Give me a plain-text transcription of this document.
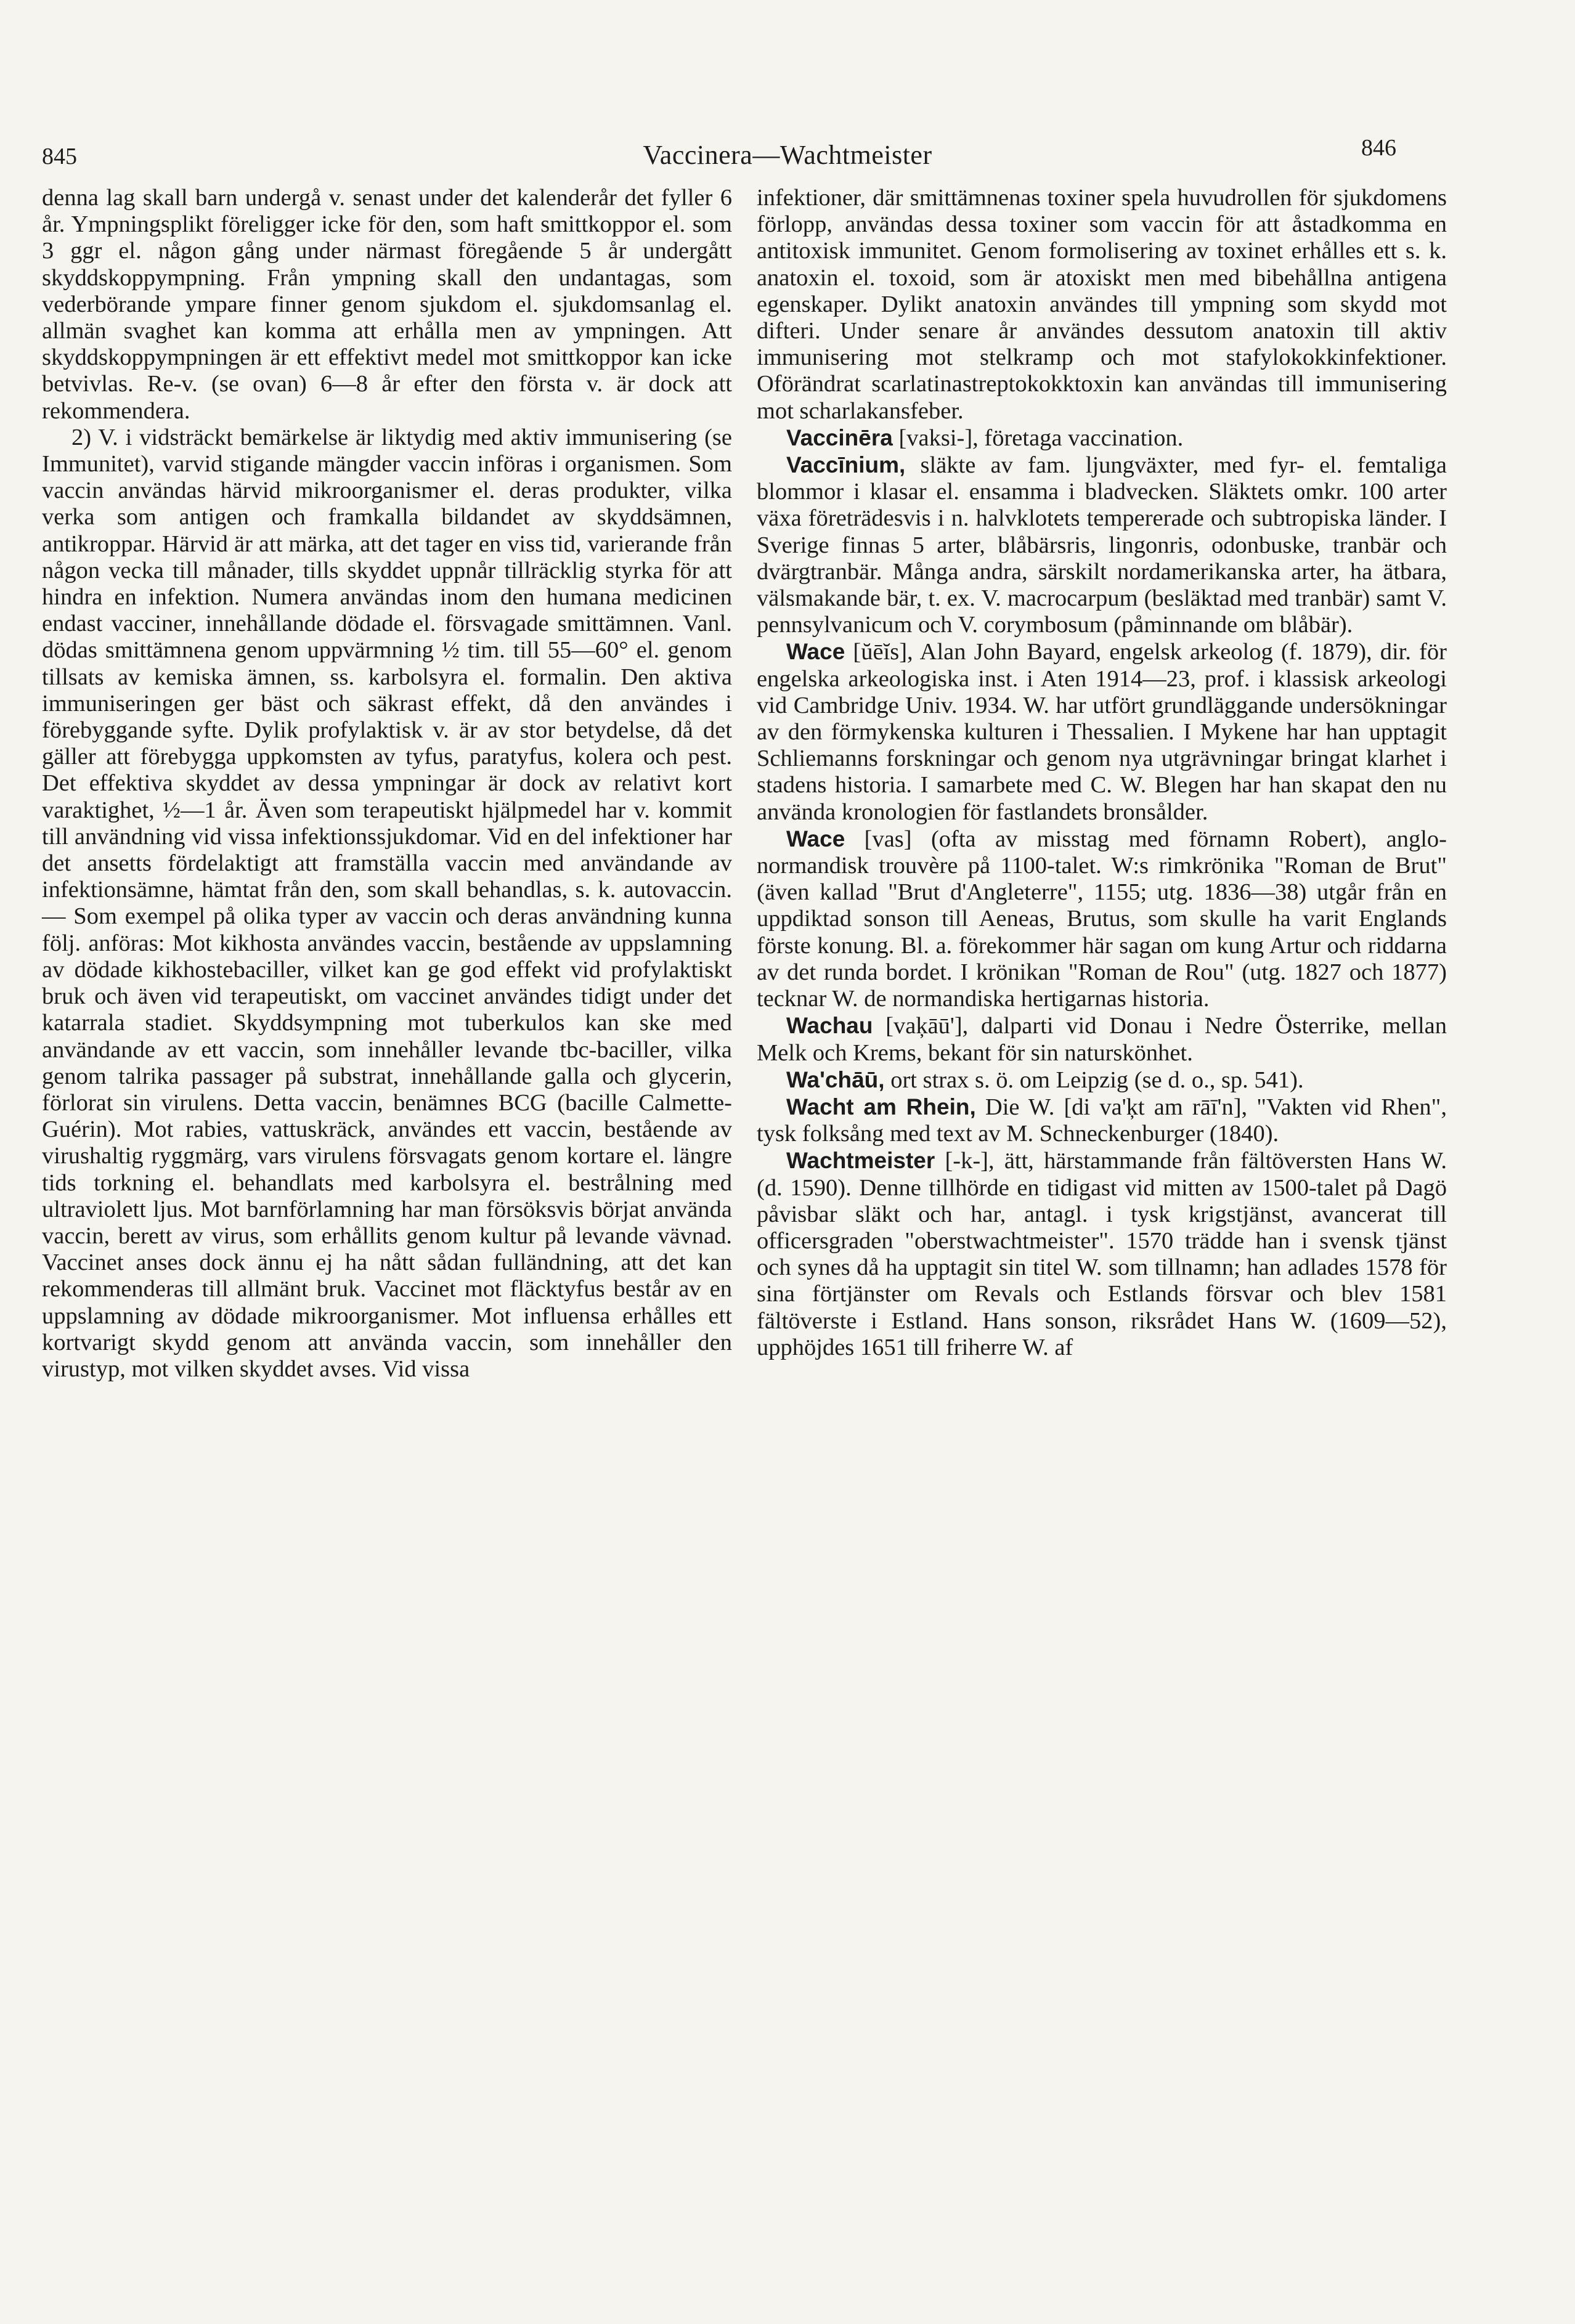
845	Vaccinera—Wachtmeister	846

denna lag skall barn undergå v. senast under det kalenderår det fyller 6 år. Ympningsplikt föreligger icke för den, som haft smittkoppor el. som 3 ggr el. någon gång under närmast föregående 5 år undergått skyddskoppympning. Från ympning skall den undantagas, som vederbörande ympare finner genom sjukdom el. sjukdomsanlag el. allmän svaghet kan komma att erhålla men av ympningen. Att skyddskoppympningen är ett effektivt medel mot smittkoppor kan icke betvivlas. Re-v. (se ovan) 6—8 år efter den första v. är dock att rekommendera.

2) V. i vidsträckt bemärkelse är liktydig med aktiv immunisering (se Immunitet), varvid stigande mängder vaccin införas i organismen. Som vaccin användas härvid mikroorganismer el. deras produkter, vilka verka som antigen och framkalla bildandet av skyddsämnen, antikroppar. Härvid är att märka, att det tager en viss tid, varierande från någon vecka till månader, tills skyddet uppnår tillräcklig styrka för att hindra en infektion. Numera användas inom den humana medicinen endast vacciner, innehållande dödade el. försvagade smittämnen. Vanl. dödas smittämnena genom uppvärmning ½ tim. till 55—60° el. genom tillsats av kemiska ämnen, ss. karbolsyra el. formalin. Den aktiva immuniseringen ger bäst och säkrast effekt, då den användes i förebyggande syfte. Dylik profylaktisk v. är av stor betydelse, då det gäller att förebygga uppkomsten av tyfus, paratyfus, kolera och pest. Det effektiva skyddet av dessa ympningar är dock av relativt kort varaktighet, ½—1 år. Även som terapeutiskt hjälpmedel har v. kommit till användning vid vissa infektionssjukdomar. Vid en del infektioner har det ansetts fördelaktigt att framställa vaccin med användande av infektionsämne, hämtat från den, som skall behandlas, s. k. autovaccin. — Som exempel på olika typer av vaccin och deras användning kunna följ. anföras: Mot kikhosta användes vaccin, bestående av uppslamning av dödade kikhostebaciller, vilket kan ge god effekt vid profylaktiskt bruk och även vid terapeutiskt, om vaccinet användes tidigt under det katarrala stadiet. Skyddsympning mot tuberkulos kan ske med användande av ett vaccin, som innehåller levande tbc-baciller, vilka genom talrika passager på substrat, innehållande galla och glycerin, förlorat sin virulens. Detta vaccin, benämnes BCG (bacille Calmette-Guérin). Mot rabies, vattuskräck, användes ett vaccin, bestående av virushaltig ryggmärg, vars virulens försvagats genom kortare el. längre tids torkning el. behandlats med karbolsyra el. bestrålning med ultraviolett ljus. Mot barnförlamning har man försöksvis börjat använda vaccin, berett av virus, som erhållits genom kultur på levande vävnad. Vaccinet anses dock ännu ej ha nått sådan fulländning, att det kan rekommenderas till allmänt bruk. Vaccinet mot fläcktyfus består av en uppslamning av dödade mikroorganismer. Mot influensa erhålles ett kortvarigt skydd genom att använda vaccin, som innehåller den virustyp, mot vilken skyddet avses. Vid vissa

infektioner, där smittämnenas toxiner spela huvudrollen för sjukdomens förlopp, användas dessa toxiner som vaccin för att åstadkomma en antitoxisk immunitet. Genom formolisering av toxinet erhålles ett s. k. anatoxin el. toxoid, som är atoxiskt men med bibehållna antigena egenskaper. Dylikt anatoxin användes till ympning som skydd mot difteri. Under senare år användes dessutom anatoxin till aktiv immunisering mot stelkramp och mot stafylokokkinfektioner. Oförändrat scarlatinastreptokokktoxin kan användas till immunisering mot scharlakansfeber.

Vaccinēra [vaksi-], företaga vaccination.

Vaccīnium, släkte av fam. ljungväxter, med fyr- el. femtaliga blommor i klasar el. ensamma i bladvecken. Släktets omkr. 100 arter växa företrädesvis i n. halvklotets tempererade och subtropiska länder. I Sverige finnas 5 arter, blåbärsris, lingonris, odonbuske, tranbär och dvärgtranbär. Många andra, särskilt nordamerikanska arter, ha ätbara, välsmakande bär, t. ex. V. macrocarpum (besläktad med tranbär) samt V. pennsylvanicum och V. corymbosum (påminnande om blåbär).

Wace [ŭēĭs], Alan John Bayard, engelsk arkeolog (f. 1879), dir. för engelska arkeologiska inst. i Aten 1914—23, prof. i klassisk arkeologi vid Cambridge Univ. 1934. W. har utfört grundläggande undersökningar av den förmykenska kulturen i Thessalien. I Mykene har han upptagit Schliemanns forskningar och genom nya utgrävningar bringat klarhet i stadens historia. I samarbete med C. W. Blegen har han skapat den nu använda kronologien för fastlandets bronsålder.

Wace [vas] (ofta av misstag med förnamn Robert), anglo-normandisk trouvère på 1100-talet. W:s rimkrönika "Roman de Brut" (även kallad "Brut d'Angleterre", 1155; utg. 1836—38) utgår från en uppdiktad sonson till Aeneas, Brutus, som skulle ha varit Englands förste konung. Bl. a. förekommer här sagan om kung Artur och riddarna av det runda bordet. I krönikan "Roman de Rou" (utg. 1827 och 1877) tecknar W. de normandiska hertigarnas historia.

Wachau [vaķāū'], dalparti vid Donau i Nedre Österrike, mellan Melk och Krems, bekant för sin naturskönhet.

Wa'chāū, ort strax s. ö. om Leipzig (se d. o., sp. 541).

Wacht am Rhein, Die W. [di va'ķt am rāī'n], "Vakten vid Rhen", tysk folksång med text av M. Schneckenburger (1840).

Wachtmeister [-k-], ätt, härstammande från fältöversten Hans W. (d. 1590). Denne tillhörde en tidigast vid mitten av 1500-talet på Dagö påvisbar släkt och har, antagl. i tysk krigstjänst, avancerat till officersgraden "oberstwachtmeister". 1570 trädde han i svensk tjänst och synes då ha upptagit sin titel W. som tillnamn; han adlades 1578 för sina förtjänster om Revals och Estlands försvar och blev 1581 fältöverste i Estland. Hans sonson, riksrådet Hans W. (1609—52), upphöjdes 1651 till friherre W. af
